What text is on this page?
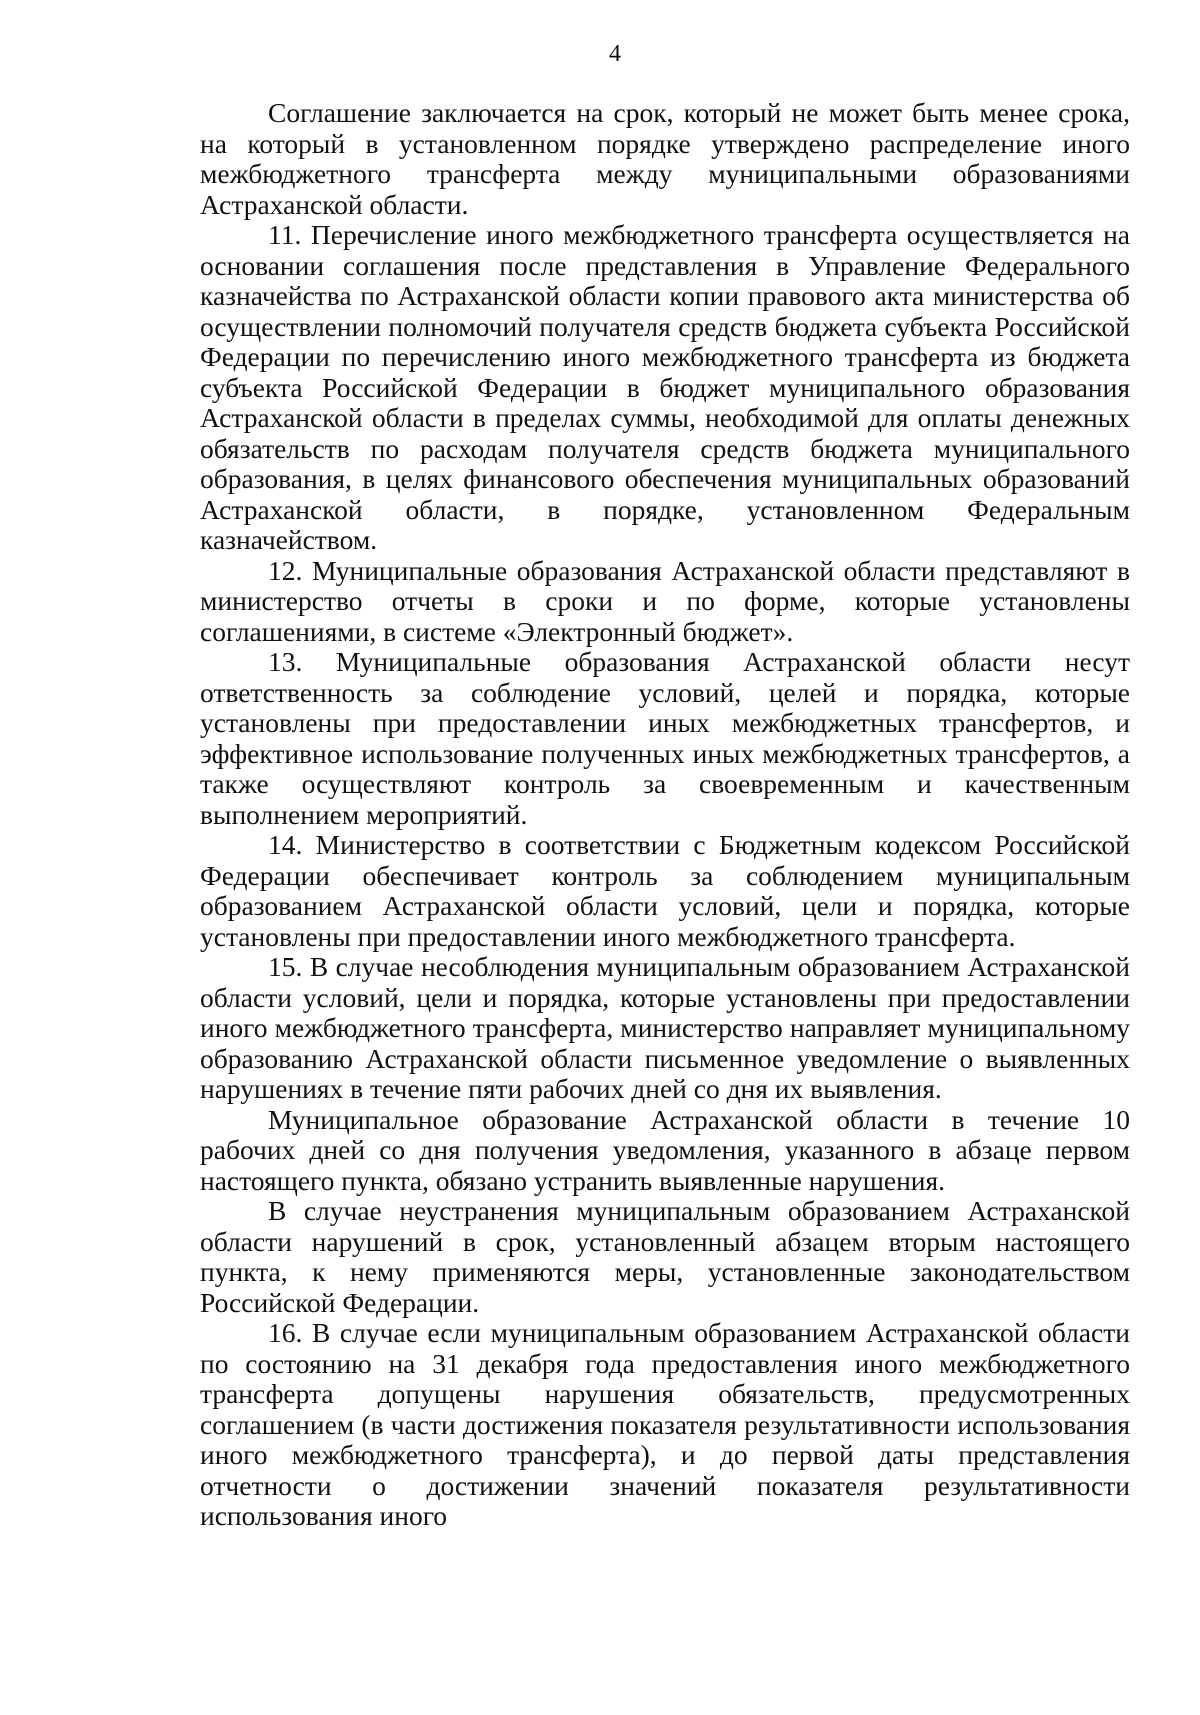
4

Соглашение заключается на срок, который не может быть менее срока, на который в установленном порядке утверждено распределение иного межбюджетного трансферта между муниципальными образованиями Астраханской области.

11. Перечисление иного межбюджетного трансферта осуществляется на основании соглашения после представления в Управление Федерального казначейства по Астраханской области копии правового акта министерства об осуществлении полномочий получателя средств бюджета субъекта Российской Федерации по перечислению иного межбюджетного трансферта из бюджета субъекта Российской Федерации в бюджет муниципального образования Астраханской области в пределах суммы, необходимой для оплаты денежных обязательств по расходам получателя средств бюджета муниципального образования, в целях финансового обеспечения муниципальных образований Астраханской области, в порядке, установленном Федеральным казначейством.

12. Муниципальные образования Астраханской области представляют в министерство отчеты в сроки и по форме, которые установлены соглашениями, в системе «Электронный бюджет».

13. Муниципальные образования Астраханской области несут ответственность за соблюдение условий, целей и порядка, которые установлены при предоставлении иных межбюджетных трансфертов, и эффективное использование полученных иных межбюджетных трансфертов, а также осуществляют контроль за своевременным и качественным выполнением мероприятий.

14. Министерство в соответствии с Бюджетным кодексом Российской Федерации обеспечивает контроль за соблюдением муниципальным образованием Астраханской области условий, цели и порядка, которые установлены при предоставлении иного межбюджетного трансферта.

15. В случае несоблюдения муниципальным образованием Астраханской области условий, цели и порядка, которые установлены при предоставлении иного межбюджетного трансферта, министерство направляет муниципальному образованию Астраханской области письменное уведомление о выявленных нарушениях в течение пяти рабочих дней со дня их выявления.

Муниципальное образование Астраханской области в течение 10 рабочих дней со дня получения уведомления, указанного в абзаце первом настоящего пункта, обязано устранить выявленные нарушения.

В случае неустранения муниципальным образованием Астраханской области нарушений в срок, установленный абзацем вторым настоящего пункта, к нему применяются меры, установленные законодательством Российской Федерации.

16. В случае если муниципальным образованием Астраханской области по состоянию на 31 декабря года предоставления иного межбюджетного трансферта допущены нарушения обязательств, предусмотренных соглашением (в части достижения показателя результативности использования иного межбюджетного трансферта), и до первой даты представления отчетности о достижении значений показателя результативности использования иного
